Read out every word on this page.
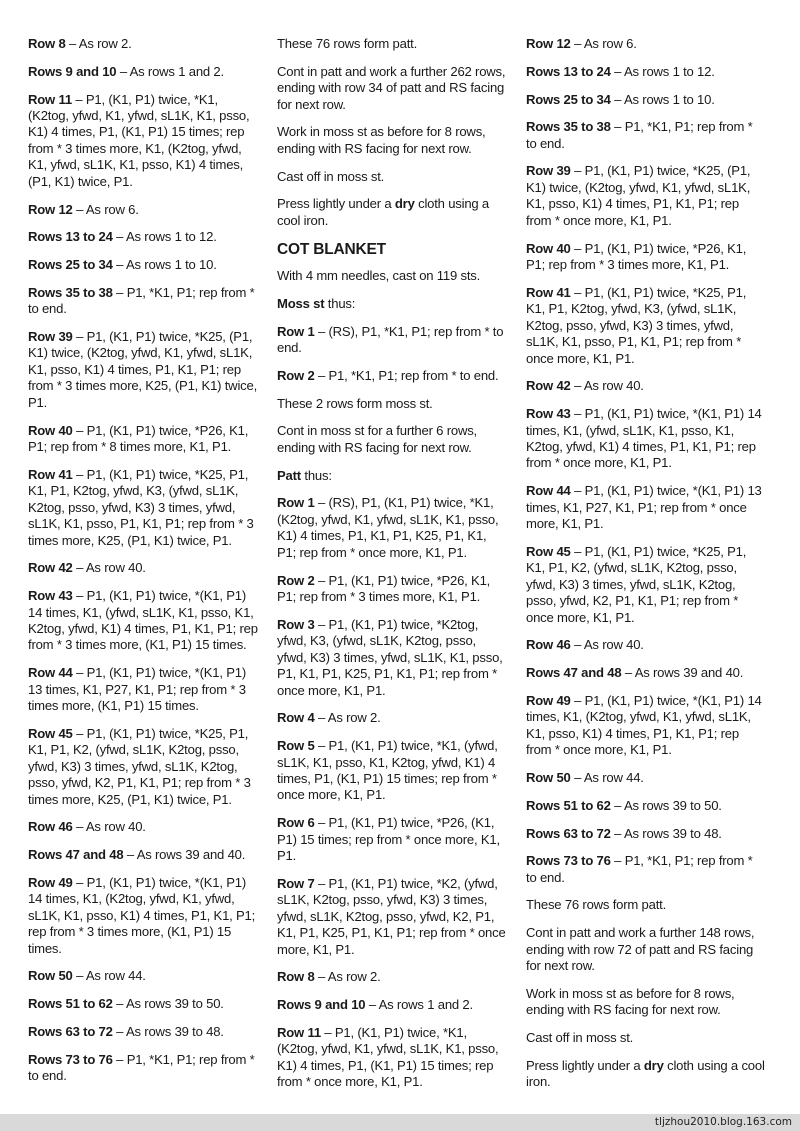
Row 8 – As row 2.

Rows 9 and 10 – As rows 1 and 2.

Row 11 – P1, (K1, P1) twice, *K1, (K2tog, yfwd, K1, yfwd, sL1K, K1, psso, K1) 4 times, P1, (K1, P1) 15 times; rep from * 3 times more, K1, (K2tog, yfwd, K1, yfwd, sL1K, K1, psso, K1) 4 times, (P1, K1) twice, P1.

Row 12 – As row 6.

Rows 13 to 24 – As rows 1 to 12.

Rows 25 to 34 – As rows 1 to 10.

Rows 35 to 38 – P1, *K1, P1; rep from * to end.

Row 39 – P1, (K1, P1) twice, *K25, (P1, K1) twice, (K2tog, yfwd, K1, yfwd, sL1K, K1, psso, K1) 4 times, P1, K1, P1; rep from * 3 times more, K25, (P1, K1) twice, P1.

Row 40 – P1, (K1, P1) twice, *P26, K1, P1; rep from * 8 times more, K1, P1.

Row 41 – P1, (K1, P1) twice, *K25, P1, K1, P1, K2tog, yfwd, K3, (yfwd, sL1K, K2tog, psso, yfwd, K3) 3 times, yfwd, sL1K, K1, psso, P1, K1, P1; rep from * 3 times more, K25, (P1, K1) twice, P1.

Row 42 – As row 40.

Row 43 – P1, (K1, P1) twice, *(K1, P1) 14 times, K1, (yfwd, sL1K, K1, psso, K1, K2tog, yfwd, K1) 4 times, P1, K1, P1; rep from * 3 times more, (K1, P1) 15 times.

Row 44 – P1, (K1, P1) twice, *(K1, P1) 13 times, K1, P27, K1, P1; rep from * 3 times more, (K1, P1) 15 times.

Row 45 – P1, (K1, P1) twice, *K25, P1, K1, P1, K2, (yfwd, sL1K, K2tog, psso, yfwd, K3) 3 times, yfwd, sL1K, K2tog, psso, yfwd, K2, P1, K1, P1; rep from * 3 times more, K25, (P1, K1) twice, P1.

Row 46 – As row 40.

Rows 47 and 48 – As rows 39 and 40.

Row 49 – P1, (K1, P1) twice, *(K1, P1) 14 times, K1, (K2tog, yfwd, K1, yfwd, sL1K, K1, psso, K1) 4 times, P1, K1, P1; rep from * 3 times more, (K1, P1) 15 times.

Row 50 – As row 44.

Rows 51 to 62 – As rows 39 to 50.

Rows 63 to 72 – As rows 39 to 48.

Rows 73 to 76 – P1, *K1, P1; rep from * to end.

These 76 rows form patt.

Cont in patt and work a further 262 rows, ending with row 34 of patt and RS facing for next row.

Work in moss st as before for 8 rows, ending with RS facing for next row.

Cast off in moss st.

Press lightly under a dry cloth using a cool iron.

COT BLANKET

With 4 mm needles, cast on 119 sts.

Moss st thus:

Row 1 – (RS), P1, *K1, P1; rep from * to end.

Row 2 – P1, *K1, P1; rep from * to end.

These 2 rows form moss st.

Cont in moss st for a further 6 rows, ending with RS facing for next row.

Patt thus:

Row 1 – (RS), P1, (K1, P1) twice, *K1, (K2tog, yfwd, K1, yfwd, sL1K, K1, psso, K1) 4 times, P1, K1, P1, K25, P1, K1, P1; rep from * once more, K1, P1.

Row 2 – P1, (K1, P1) twice, *P26, K1, P1; rep from * 3 times more, K1, P1.

Row 3 – P1, (K1, P1) twice, *K2tog, yfwd, K3, (yfwd, sL1K, K2tog, psso, yfwd, K3) 3 times, yfwd, sL1K, K1, psso, P1, K1, P1, K25, P1, K1, P1; rep from * once more, K1, P1.

Row 4 – As row 2.

Row 5 – P1, (K1, P1) twice, *K1, (yfwd, sL1K, K1, psso, K1, K2tog, yfwd, K1) 4 times, P1, (K1, P1) 15 times; rep from * once more, K1, P1.

Row 6 – P1, (K1, P1) twice, *P26, (K1, P1) 15 times; rep from * once more, K1, P1.

Row 7 – P1, (K1, P1) twice, *K2, (yfwd, sL1K, K2tog, psso, yfwd, K3) 3 times, yfwd, sL1K, K2tog, psso, yfwd, K2, P1, K1, P1, K25, P1, K1, P1; rep from * once more, K1, P1.

Row 8 – As row 2.

Rows 9 and 10 – As rows 1 and 2.

Row 11 – P1, (K1, P1) twice, *K1, (K2tog, yfwd, K1, yfwd, sL1K, K1, psso, K1) 4 times, P1, (K1, P1) 15 times; rep from * once more, K1, P1.

Row 12 – As row 6.

Rows 13 to 24 – As rows 1 to 12.

Rows 25 to 34 – As rows 1 to 10.

Rows 35 to 38 – P1, *K1, P1; rep from * to end.

Row 39 – P1, (K1, P1) twice, *K25, (P1, K1) twice, (K2tog, yfwd, K1, yfwd, sL1K, K1, psso, K1) 4 times, P1, K1, P1; rep from * once more, K1, P1.

Row 40 – P1, (K1, P1) twice, *P26, K1, P1; rep from * 3 times more, K1, P1.

Row 41 – P1, (K1, P1) twice, *K25, P1, K1, P1, K2tog, yfwd, K3, (yfwd, sL1K, K2tog, psso, yfwd, K3) 3 times, yfwd, sL1K, K1, psso, P1, K1, P1; rep from * once more, K1, P1.

Row 42 – As row 40.

Row 43 – P1, (K1, P1) twice, *(K1, P1) 14 times, K1, (yfwd, sL1K, K1, psso, K1, K2tog, yfwd, K1) 4 times, P1, K1, P1; rep from * once more, K1, P1.

Row 44 – P1, (K1, P1) twice, *(K1, P1) 13 times, K1, P27, K1, P1; rep from * once more, K1, P1.

Row 45 – P1, (K1, P1) twice, *K25, P1, K1, P1, K2, (yfwd, sL1K, K2tog, psso, yfwd, K3) 3 times, yfwd, sL1K, K2tog, psso, yfwd, K2, P1, K1, P1; rep from * once more, K1, P1.

Row 46 – As row 40.

Rows 47 and 48 – As rows 39 and 40.

Row 49 – P1, (K1, P1) twice, *(K1, P1) 14 times, K1, (K2tog, yfwd, K1, yfwd, sL1K, K1, psso, K1) 4 times, P1, K1, P1; rep from * once more, K1, P1.

Row 50 – As row 44.

Rows 51 to 62 – As rows 39 to 50.

Rows 63 to 72 – As rows 39 to 48.

Rows 73 to 76 – P1, *K1, P1; rep from * to end.

These 76 rows form patt.

Cont in patt and work a further 148 rows, ending with row 72 of patt and RS facing for next row.

Work in moss st as before for 8 rows, ending with RS facing for next row.

Cast off in moss st.

Press lightly under a dry cloth using a cool iron.

tljzhou2010.blog.163.com
